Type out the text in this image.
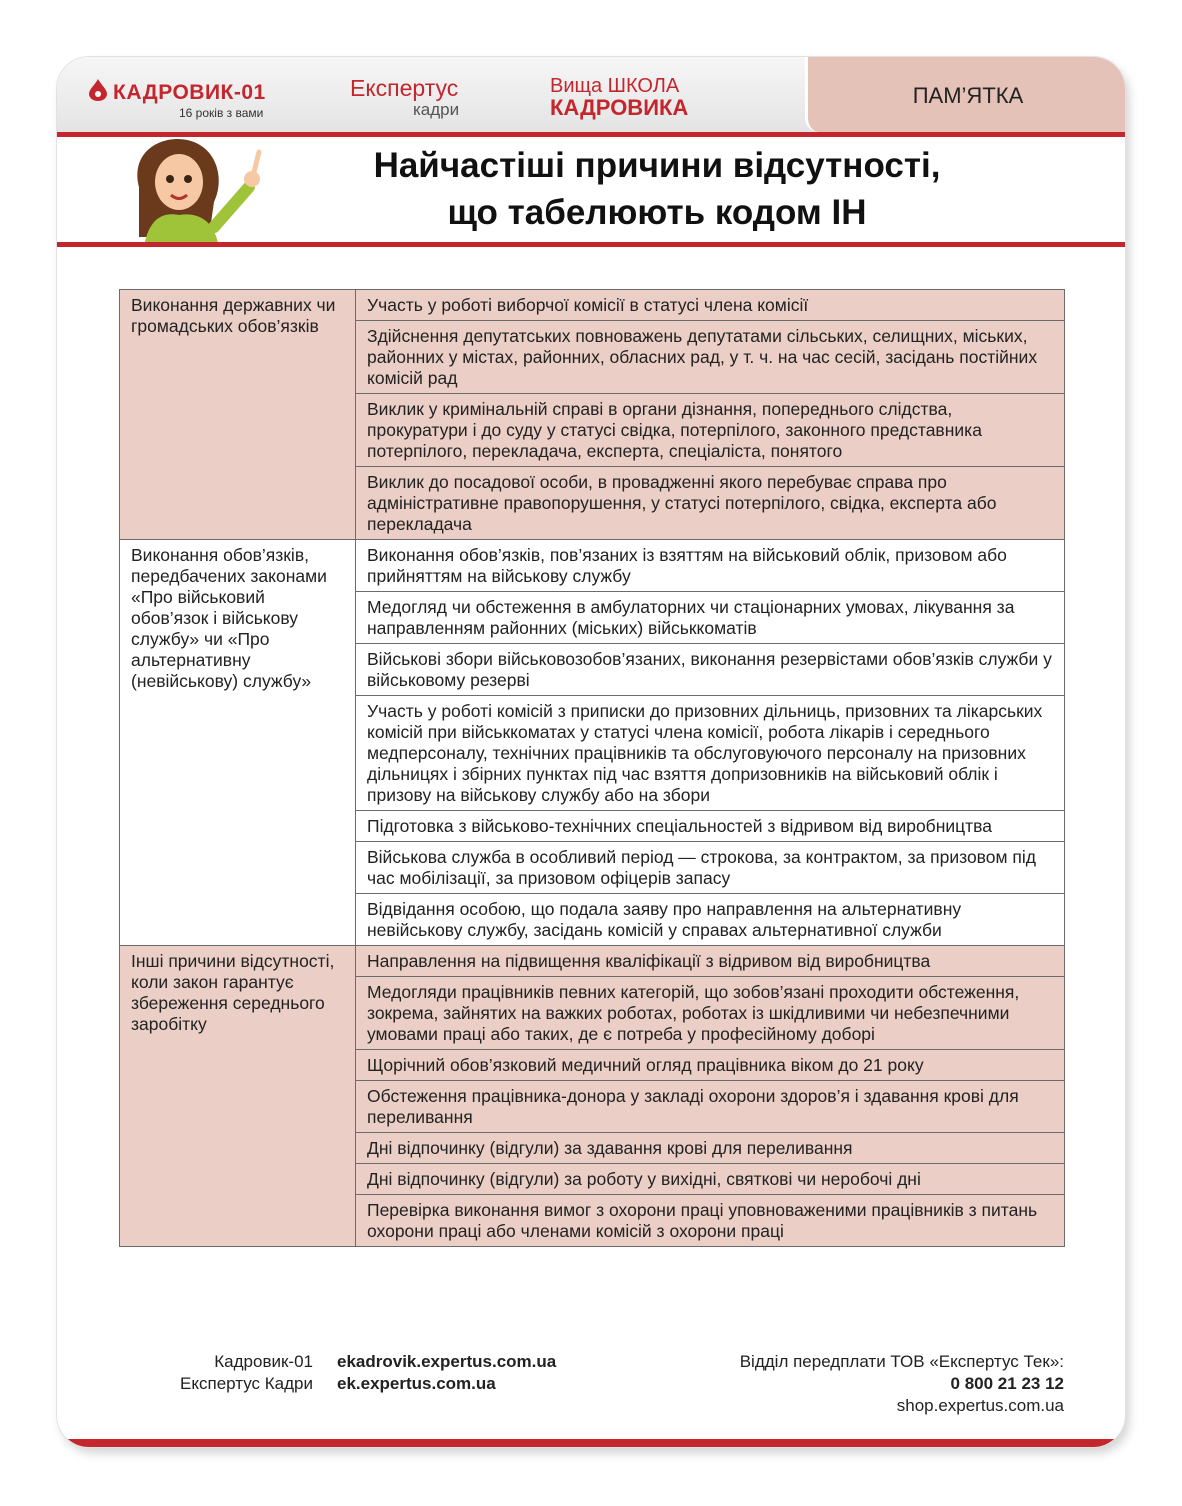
КАДРОВИК-01
16 років з вами
Експертус
кадри
Вища ШКОЛА
КАДРОВИКА	ПАМ’ЯТКА
Найчастіші причини відсутності,
що табелюють кодом ІН
Виконання державних чи громадських обов’язків	Участь у роботі виборчої комісії в статусі члена комісії
	Здійснення депутатських повноважень депутатами сільських, селищних, міських, районних у містах, районних, обласних рад, у т. ч. на час сесій, засідань постійних комісій рад
	Виклик у кримінальній справі в органи дізнання, попереднього слідства, прокуратури і до суду у статусі свідка, потерпілого, законного представника потерпілого, перекладача, експерта, спеціаліста, понятого
	Виклик до посадової особи, в провадженні якого перебуває справа про адміністративне правопорушення, у статусі потерпілого, свідка, експерта або перекладача
Виконання обов’язків, передбачених законами «Про військовий обов’язок і військову службу» чи «Про альтернативну (невійськову) службу»	Виконання обов’язків, пов’язаних із взяттям на військовий облік, призовом або прийняттям на військову службу
	Медогляд чи обстеження в амбулаторних чи стаціонарних умовах, лікування за направленням районних (міських) військкоматів
	Військові збори військовозобов’язаних, виконання резервістами обов’язків служби у військовому резерві
	Участь у роботі комісій з приписки до призовних дільниць, призовних та лікарських комісій при військкоматах у статусі члена комісії, робота лікарів і середнього медперсоналу, технічних працівників та обслуговуючого персоналу на призовних дільницях і збірних пунктах під час взяття допризовників на військовий облік і призову на військову службу або на збори
	Підготовка з військово-технічних спеціальностей з відривом від виробництва
	Військова служба в особливий період — строкова, за контрактом, за призовом під час мобілізації, за призовом офіцерів запасу
	Відвідання особою, що подала заяву про направлення на альтернативну невійськову службу, засідань комісій у справах альтернативної служби
Інші причини відсутності, коли закон гарантує збереження середнього заробітку	Направлення на підвищення кваліфікації з відривом від виробництва
	Медогляди працівників певних категорій, що зобов’язані проходити обстеження, зокрема, зайнятих на важких роботах, роботах із шкідливими чи небезпечними умовами праці або таких, де є потреба у професійному доборі
	Щорічний обов’язковий медичний огляд працівника віком до 21 року
	Обстеження працівника-донора у закладі охорони здоров’я і здавання крові для переливання
	Дні відпочинку (відгули) за здавання крові для переливання
	Дні відпочинку (відгули) за роботу у вихідні, святкові чи неробочі дні
	Перевірка виконання вимог з охорони праці уповноваженими працівників з питань охорони праці або членами комісій з охорони праці
Кадровик-01 ekadrovik.expertus.com.ua
Експертус Кадри ek.expertus.com.ua
Відділ передплати ТОВ «Експертус Тек»:
0 800 21 23 12
shop.expertus.com.ua
